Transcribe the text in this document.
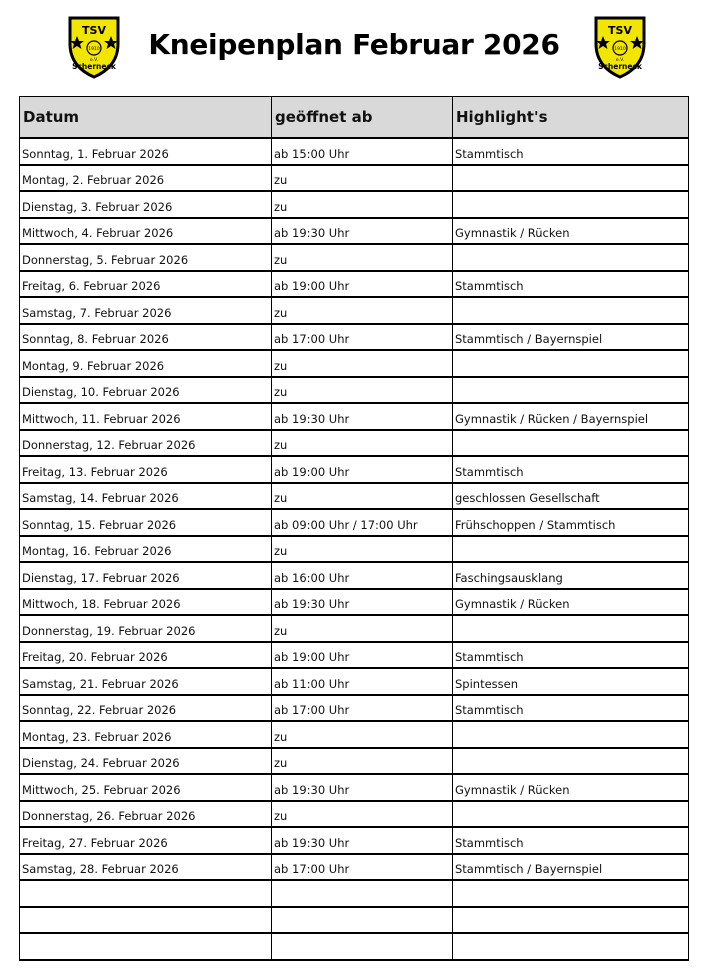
TSV
1910
e.V.
Scherneck
Kneipenplan Februar 2026	TSV
1910
e.V.
Scherneck
Datum	geöffnet ab	Highlight's
Sonntag, 1. Februar 2026	ab 15:00 Uhr	Stammtisch
Montag, 2. Februar 2026	zu	
Dienstag, 3. Februar 2026	zu	
Mittwoch, 4. Februar 2026	ab 19:30 Uhr	Gymnastik / Rücken
Donnerstag, 5. Februar 2026	zu	
Freitag, 6. Februar 2026	ab 19:00 Uhr	Stammtisch
Samstag, 7. Februar 2026	zu	
Sonntag, 8. Februar 2026	ab 17:00 Uhr	Stammtisch / Bayernspiel
Montag, 9. Februar 2026	zu	
Dienstag, 10. Februar 2026	zu	
Mittwoch, 11. Februar 2026	ab 19:30 Uhr	Gymnastik / Rücken / Bayernspiel
Donnerstag, 12. Februar 2026	zu	
Freitag, 13. Februar 2026	ab 19:00 Uhr	Stammtisch
Samstag, 14. Februar 2026	zu	geschlossen Gesellschaft
Sonntag, 15. Februar 2026	ab 09:00 Uhr / 17:00 Uhr	Frühschoppen / Stammtisch
Montag, 16. Februar 2026	zu	
Dienstag, 17. Februar 2026	ab 16:00 Uhr	Faschingsausklang
Mittwoch, 18. Februar 2026	ab 19:30 Uhr	Gymnastik / Rücken
Donnerstag, 19. Februar 2026	zu	
Freitag, 20. Februar 2026	ab 19:00 Uhr	Stammtisch
Samstag, 21. Februar 2026	ab 11:00 Uhr	Spintessen
Sonntag, 22. Februar 2026	ab 17:00 Uhr	Stammtisch
Montag, 23. Februar 2026	zu	
Dienstag, 24. Februar 2026	zu	
Mittwoch, 25. Februar 2026	ab 19:30 Uhr	Gymnastik / Rücken
Donnerstag, 26. Februar 2026	zu	
Freitag, 27. Februar 2026	ab 19:30 Uhr	Stammtisch
Samstag, 28. Februar 2026	ab 17:00 Uhr	Stammtisch / Bayernspiel
